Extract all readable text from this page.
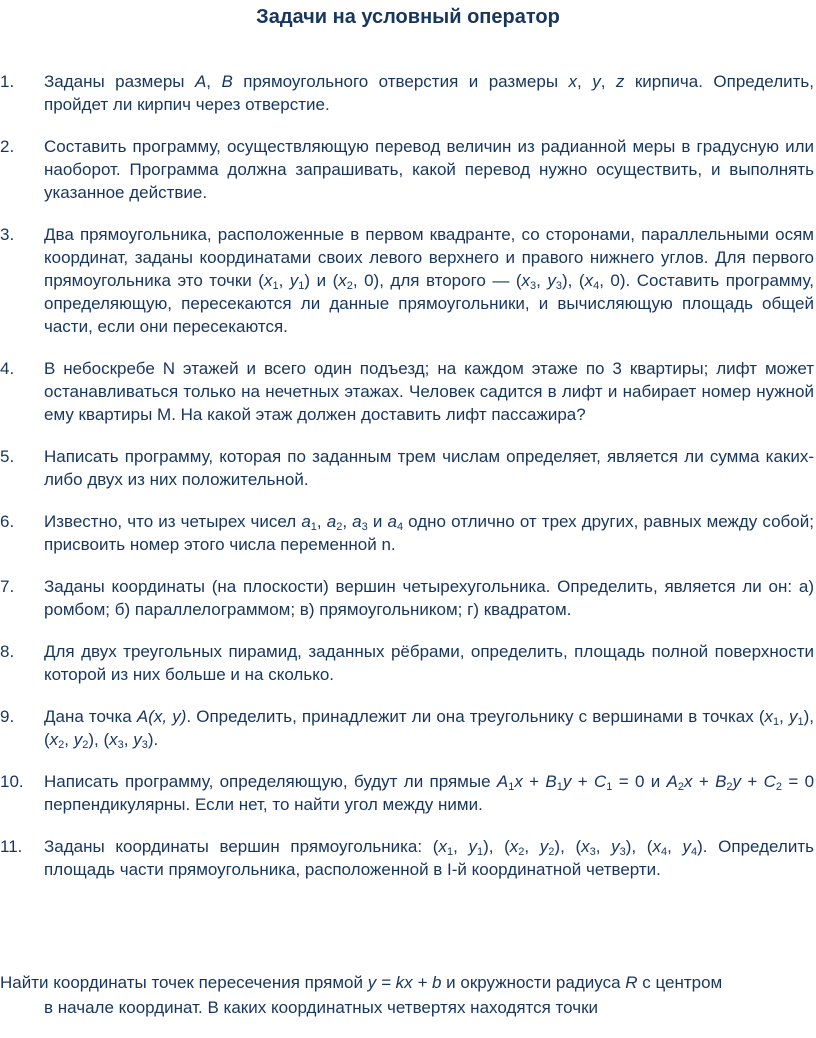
Задачи на условный оператор
1. Заданы размеры A, B прямоугольного отверстия и размеры x, y, z кирпича. Определить, пройдет ли кирпич через отверстие.
2. Составить программу, осуществляющую перевод величин из радианной меры в градусную или наоборот. Программа должна запрашивать, какой перевод нужно осуществить, и выполнять указанное действие.
3. Два прямоугольника, расположенные в первом квадранте, со сторонами, параллельными осям координат, заданы координатами своих левого верхнего и правого нижнего углов. Для первого прямоугольника это точки ($x_1$, $y_1$) и ($x_2$, 0), для второго — ($x_3$, $y_3$), ($x_4$, 0). Составить программу, определяющую, пересекаются ли данные прямоугольники, и вычисляющую площадь общей части, если они пересекаются.
4. В небоскребе N этажей и всего один подъезд; на каждом этаже по 3 квартиры; лифт может останавливаться только на нечетных этажах. Человек садится в лифт и набирает номер нужной ему квартиры М. На какой этаж должен доставить лифт пассажира?
5. Написать программу, которая по заданным трем числам определяет, является ли сумма каких-либо двух из них положительной.
6. Известно, что из четырех чисел $a_1$, $a_2$, $a_3$ и $a_4$ одно отлично от трех других, равных между собой; присвоить номер этого числа переменной n.
7. Заданы координаты (на плоскости) вершин четырехугольника. Определить, является ли он: а) ромбом; б) параллелограммом; в) прямоугольником; г) квадратом.
8. Для двух треугольных пирамид, заданных рёбрами, определить, площадь полной поверхности которой из них больше и на сколько.
9. Дана точка A(x, y). Определить, принадлежит ли она треугольнику с вершинами в точках ($x_1$, $y_1$), ($x_2$, $y_2$), ($x_3$, $y_3$).
10. Написать программу, определяющую, будут ли прямые $A_1x + B_1y + C_1 = 0$ и $A_2x + B_2y + C_2 = 0$ перпендикулярны. Если нет, то найти угол между ними.
11. Заданы координаты вершин прямоугольника: ($x_1$, $y_1$), ($x_2$, $y_2$), ($x_3$, $y_3$), ($x_4$, $y_4$). Определить площадь части прямоугольника, расположенной в I-й координатной четверти.
Найти координаты точек пересечения прямой y = kx + b и окружности радиуса R с центром
в начале координат. В каких координатных четвертях находятся точки
